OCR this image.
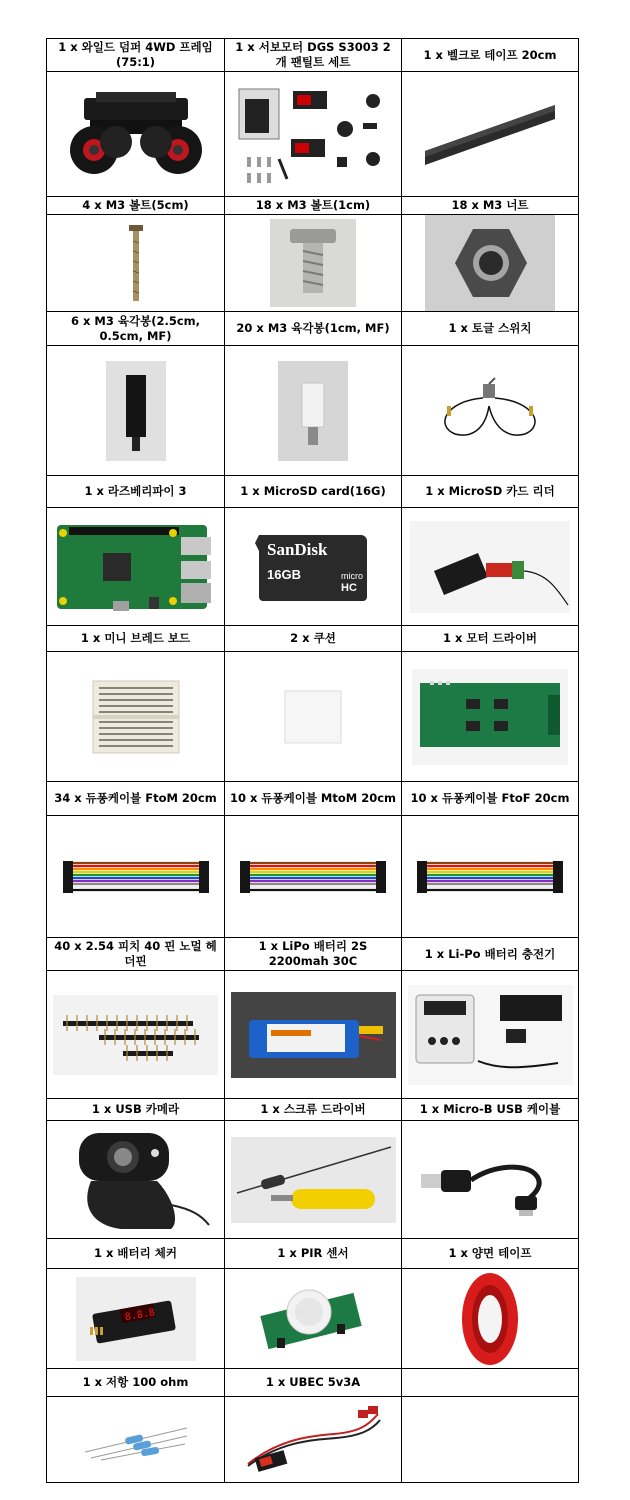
1 x 와일드 덤퍼 4WD 프레임(75:1)	1 x 서보모터 DGS S3003 2 개 팬틸트 세트	1 x 벨크로 테이프 20cm

4 x M3 볼트(5cm)	18 x M3 볼트(1cm)	18 x M3 너트

6 x M3 육각봉(2.5cm, 0.5cm, MF)	20 x M3 육각봉(1cm, MF)	1 x 토글 스위치

1 x 라즈베리파이 3	1 x MicroSD card(16G)	1 x MicroSD 카드 리더

SanDisk
16GB micro
HC

1 x 미니 브레드 보드	2 x 쿠션	1 x 모터 드라이버

34 x 듀퐁케이블 FtoM 20cm	10 x 듀퐁케이블 MtoM 20cm	10 x 듀퐁케이블 FtoF 20cm

40 x 2.54 피치 40 핀 노멀 헤더핀	1 x LiPo 배터리 2S 2200mah 30C	1 x Li-Po 배터리 충전기

1 x USB 카메라	1 x 스크류 드라이버	1 x Micro-B USB 케이블

1 x 배터리 체커	1 x PIR 센서	1 x 양면 테이프

8.8.8

1 x 저항 100 ohm	1 x UBEC 5v3A	
